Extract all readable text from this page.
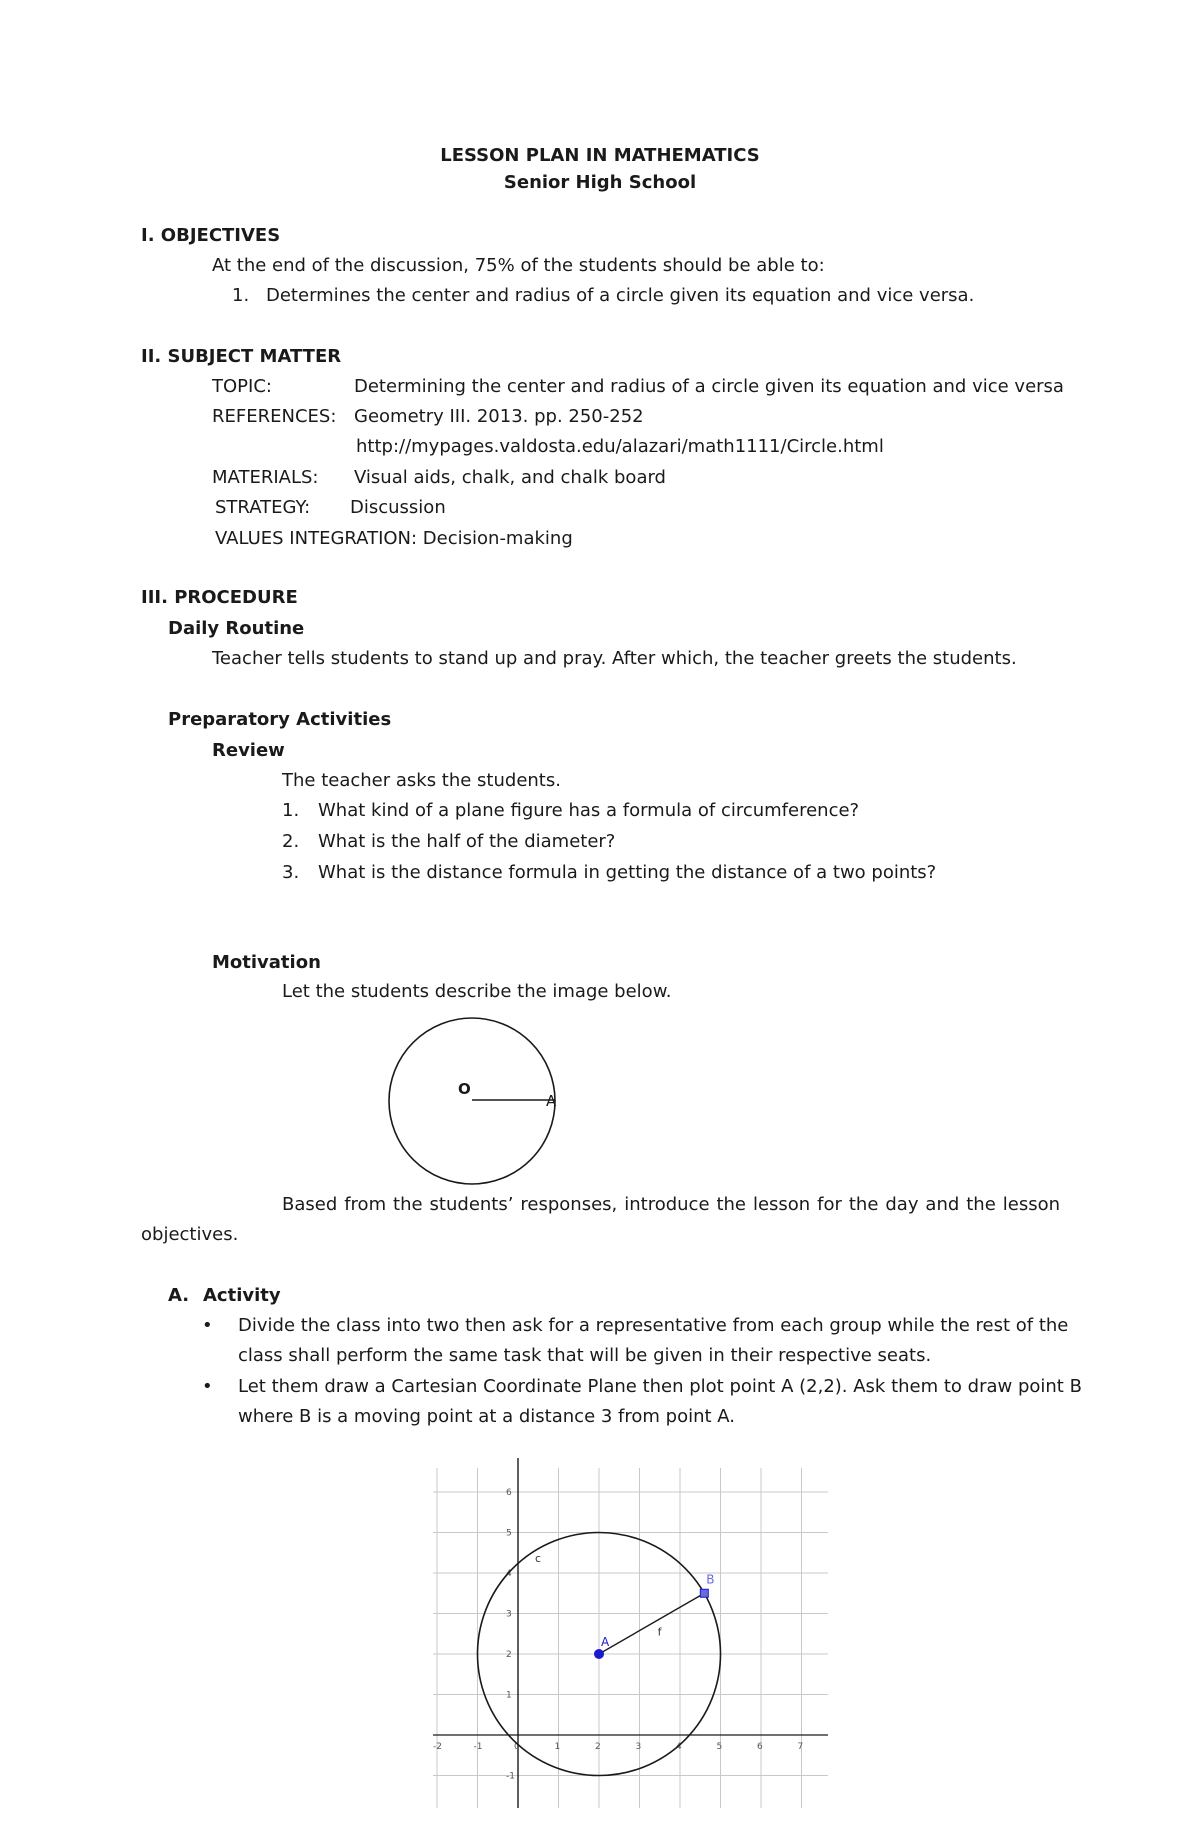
LESSON PLAN IN MATHEMATICS
Senior High School
I. OBJECTIVES
At the end of the discussion, 75% of the students should be able to:
1. Determines the center and radius of a circle given its equation and vice versa.
II. SUBJECT MATTER
TOPIC:	Determining the center and radius of a circle given its equation and vice versa
REFERENCES: Geometry III. 2013. pp. 250-252
http://mypages.valdosta.edu/alazari/math1111/Circle.html
MATERIALS: Visual aids, chalk, and chalk board
STRATEGY: Discussion
VALUES INTEGRATION: Decision-making
III. PROCEDURE
Daily Routine
Teacher tells students to stand up and pray. After which, the teacher greets the students.
Preparatory Activities
Review
The teacher asks the students.
1. What kind of a plane figure has a formula of circumference?
2. What is the half of the diameter?
3. What is the distance formula in getting the distance of a two points?
Motivation
Let the students describe the image below.
O
A
Based from the students’ responses, introduce the lesson for the day and the lesson
objectives.
A. Activity
• Divide the class into two then ask for a representative from each group while the rest of the
class shall perform the same task that will be given in their respective seats.
• Let them draw a Cartesian Coordinate Plane then plot point A (2,2). Ask them to draw point B
where B is a moving point at a distance 3 from point A.
-2	-1	0	1	2	3	4	5	6	7
-1
1
2
3
4
5
6
c
f
A
B
